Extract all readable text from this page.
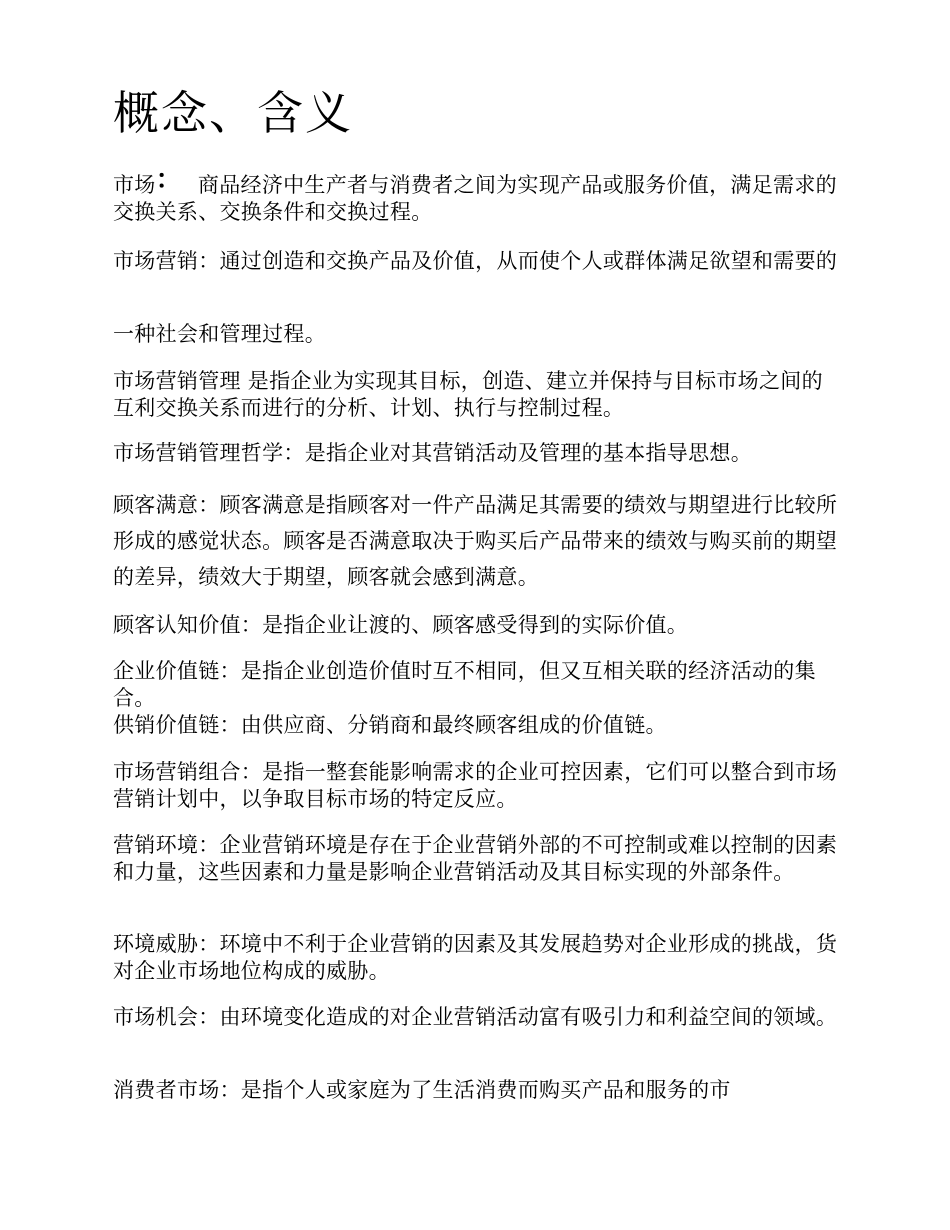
概念、含义

市场： 商品经济中生产者与消费者之间为实现产品或服务价值，满足需求的交换关系、交换条件和交换过程。

市场营销：通过创造和交换产品及价值，从而使个人或群体满足欲望和需要的

一种社会和管理过程。

市场营销管理 是指企业为实现其目标，创造、建立并保持与目标市场之间的互利交换关系而进行的分析、计划、执行与控制过程。

市场营销管理哲学：是指企业对其营销活动及管理的基本指导思想。

顾客满意：顾客满意是指顾客对一件产品满足其需要的绩效与期望进行比较所形成的感觉状态。顾客是否满意取决于购买后产品带来的绩效与购买前的期望的差异，绩效大于期望，顾客就会感到满意。

顾客认知价值：是指企业让渡的、顾客感受得到的实际价值。

企业价值链：是指企业创造价值时互不相同，但又互相关联的经济活动的集合。

供销价值链：由供应商、分销商和最终顾客组成的价值链。

市场营销组合：是指一整套能影响需求的企业可控因素，它们可以整合到市场营销计划中，以争取目标市场的特定反应。

营销环境：企业营销环境是存在于企业营销外部的不可控制或难以控制的因素和力量，这些因素和力量是影响企业营销活动及其目标实现的外部条件。

环境威胁：环境中不利于企业营销的因素及其发展趋势对企业形成的挑战，货对企业市场地位构成的威胁。

市场机会：由环境变化造成的对企业营销活动富有吸引力和利益空间的领域。

消费者市场：是指个人或家庭为了生活消费而购买产品和服务的市
